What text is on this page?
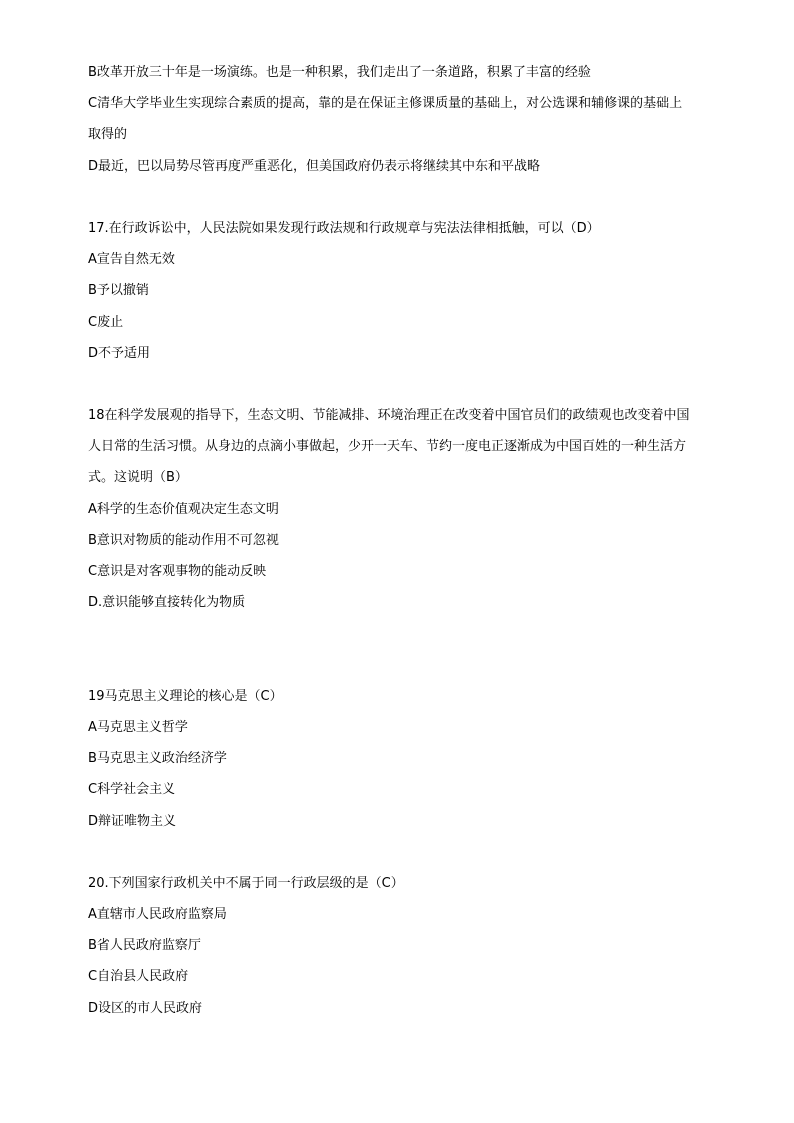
B改革开放三十年是一场演练。也是一种积累，我们走出了一条道路，积累了丰富的经验
C清华大学毕业生实现综合素质的提高，靠的是在保证主修课质量的基础上，对公选课和辅修课的基础上
取得的
D最近，巴以局势尽管再度严重恶化，但美国政府仍表示将继续其中东和平战略
17.在行政诉讼中，人民法院如果发现行政法规和行政规章与宪法法律相抵触，可以（D）
A宣告自然无效
B予以撤销
C废止
D不予适用
18在科学发展观的指导下，生态文明、节能减排、环境治理正在改变着中国官员们的政绩观也改变着中国
人日常的生活习惯。从身边的点滴小事做起，少开一天车、节约一度电正逐渐成为中国百姓的一种生活方
式。这说明（B）
A科学的生态价值观决定生态文明
B意识对物质的能动作用不可忽视
C意识是对客观事物的能动反映
D.意识能够直接转化为物质
19马克思主义理论的核心是（C）
A马克思主义哲学
B马克思主义政治经济学
C科学社会主义
D辩证唯物主义
20.下列国家行政机关中不属于同一行政层级的是（C）
A直辖市人民政府监察局
B省人民政府监察厅
C自治县人民政府
D设区的市人民政府
